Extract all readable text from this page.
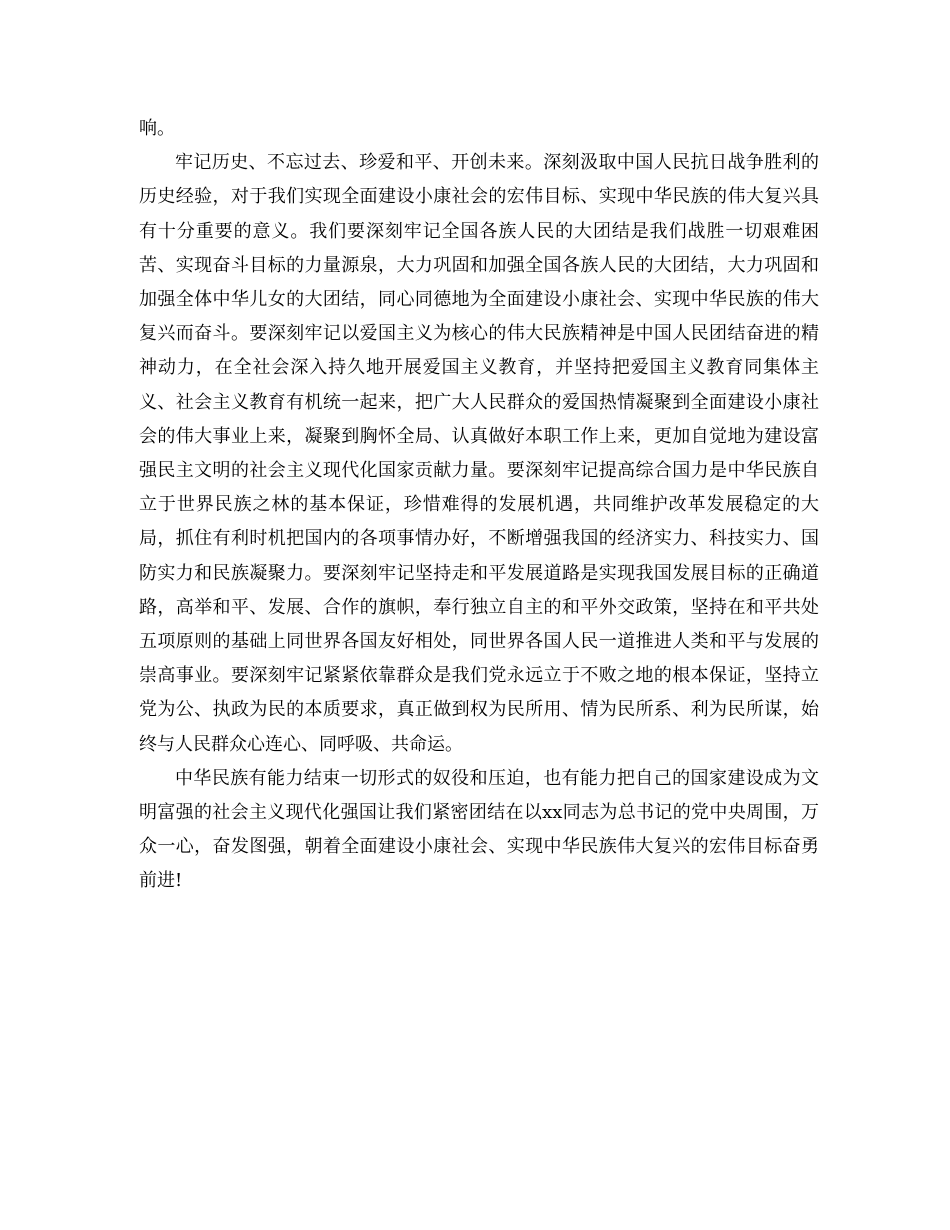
响。

牢记历史、不忘过去、珍爱和平、开创未来。深刻汲取中国人民抗日战争胜利的历史经验，对于我们实现全面建设小康社会的宏伟目标、实现中华民族的伟大复兴具有十分重要的意义。我们要深刻牢记全国各族人民的大团结是我们战胜一切艰难困苦、实现奋斗目标的力量源泉，大力巩固和加强全国各族人民的大团结，大力巩固和加强全体中华儿女的大团结，同心同德地为全面建设小康社会、实现中华民族的伟大复兴而奋斗。要深刻牢记以爱国主义为核心的伟大民族精神是中国人民团结奋进的精神动力，在全社会深入持久地开展爱国主义教育，并坚持把爱国主义教育同集体主义、社会主义教育有机统一起来，把广大人民群众的爱国热情凝聚到全面建设小康社会的伟大事业上来，凝聚到胸怀全局、认真做好本职工作上来，更加自觉地为建设富强民主文明的社会主义现代化国家贡献力量。要深刻牢记提高综合国力是中华民族自立于世界民族之林的基本保证，珍惜难得的发展机遇，共同维护改革发展稳定的大局，抓住有利时机把国内的各项事情办好，不断增强我国的经济实力、科技实力、国防实力和民族凝聚力。要深刻牢记坚持走和平发展道路是实现我国发展目标的正确道路，高举和平、发展、合作的旗帜，奉行独立自主的和平外交政策，坚持在和平共处五项原则的基础上同世界各国友好相处，同世界各国人民一道推进人类和平与发展的崇高事业。要深刻牢记紧紧依靠群众是我们党永远立于不败之地的根本保证，坚持立党为公、执政为民的本质要求，真正做到权为民所用、情为民所系、利为民所谋，始终与人民群众心连心、同呼吸、共命运。

中华民族有能力结束一切形式的奴役和压迫，也有能力把自己的国家建设成为文明富强的社会主义现代化强国让我们紧密团结在以xx同志为总书记的党中央周围，万众一心，奋发图强，朝着全面建设小康社会、实现中华民族伟大复兴的宏伟目标奋勇前进!
